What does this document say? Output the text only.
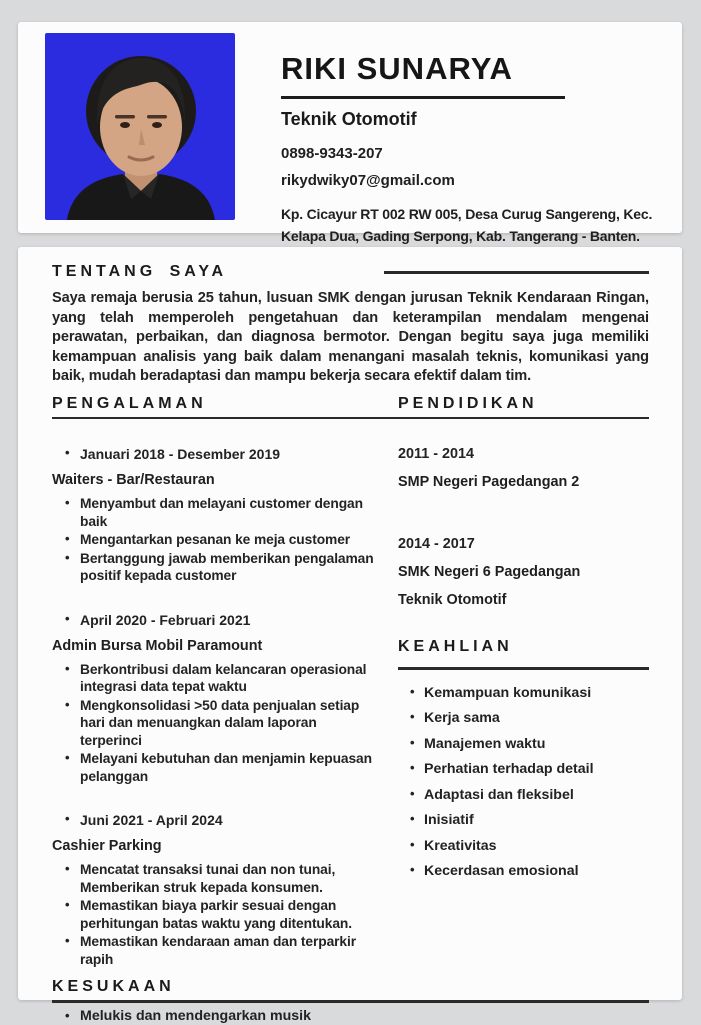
RIKI SUNARYA
Teknik Otomotif
0898-9343-207
rikydwiky07@gmail.com
Kp. Cicayur RT 002 RW 005, Desa Curug Sangereng, Kec.
Kelapa Dua, Gading Serpong, Kab. Tangerang - Banten.
TENTANG SAYA
Saya remaja berusia 25 tahun, lusuan SMK dengan jurusan Teknik Kendaraan Ringan, yang telah memperoleh pengetahuan dan keterampilan mendalam mengenai perawatan, perbaikan, dan diagnosa bermotor. Dengan begitu saya juga memiliki kemampuan analisis yang baik dalam menangani masalah teknis, komunikasi yang baik, mudah beradaptasi dan mampu bekerja secara efektif dalam tim.
PENGALAMAN	PENDIDIKAN
• Januari 2018 - Desember 2019
Waiters - Bar/Restauran
• Menyambut dan melayani customer dengan baik
• Mengantarkan pesanan ke meja customer
• Bertanggung jawab memberikan pengalaman positif kepada customer
• April 2020 - Februari 2021
Admin Bursa Mobil Paramount
• Berkontribusi dalam kelancaran operasional integrasi data tepat waktu
• Mengkonsolidasi >50 data penjualan setiap hari dan menuangkan dalam laporan terperinci
• Melayani kebutuhan dan menjamin kepuasan pelanggan
• Juni 2021 - April 2024
Cashier Parking
• Mencatat transaksi tunai dan non tunai, Memberikan struk kepada konsumen.
• Memastikan biaya parkir sesuai dengan perhitungan batas waktu yang ditentukan.
• Memastikan kendaraan aman dan terparkir rapih
2011 - 2014
SMP Negeri Pagedangan 2
2014 - 2017
SMK Negeri 6 Pagedangan
Teknik Otomotif
KEAHLIAN
• Kemampuan komunikasi
• Kerja sama
• Manajemen waktu
• Perhatian terhadap detail
• Adaptasi dan fleksibel
• Inisiatif
• Kreativitas
• Kecerdasan emosional
KESUKAAN
• Melukis dan mendengarkan musik
